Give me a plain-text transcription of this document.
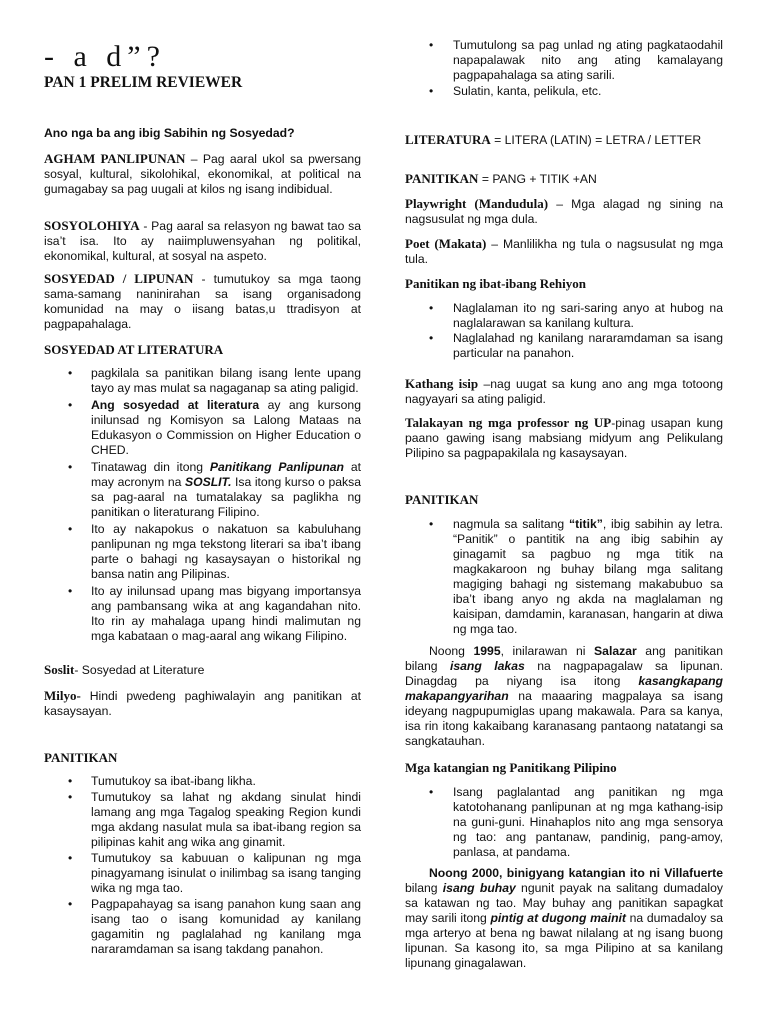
- a d”?
PAN 1 PRELIM REVIEWER
Ano nga ba ang ibig Sabihin ng Sosyedad?
AGHAM PANLIPUNAN – Pag aaral ukol sa pwersang sosyal, kultural, sikolohikal, ekonomikal, at political na gumagabay sa pag uugali at kilos ng isang indibidual.
SOSYOLOHIYA - Pag aaral sa relasyon ng bawat tao sa isa’t isa. Ito ay naiimpluwensyahan ng politikal, ekonomikal, kultural, at sosyal na aspeto.
SOSYEDAD / LIPUNAN - tumutukoy sa mga taong sama-samang naninirahan sa isang organisadong komunidad na may o iisang batas,u ttradisyon at pagpapahalaga.
SOSYEDAD AT LITERATURA
• pagkilala sa panitikan bilang isang lente upang tayo ay mas mulat sa nagaganap sa ating paligid.
• Ang sosyedad at literatura ay ang kursong inilunsad ng Komisyon sa Lalong Mataas na Edukasyon o Commission on Higher Education o CHED.
• Tinatawag din itong Panitikang Panlipunan at may acronym na SOSLIT. Isa itong kurso o paksa sa pag-aaral na tumatalakay sa paglikha ng panitikan o literaturang Filipino.
• Ito ay nakapokus o nakatuon sa kabuluhang panlipunan ng mga tekstong literari sa iba’t ibang parte o bahagi ng kasaysayan o historikal ng bansa natin ang Pilipinas.
• Ito ay inilunsad upang mas bigyang importansya ang pambansang wika at ang kagandahan nito. Ito rin ay mahalaga upang hindi malimutan ng mga kabataan o mag-aaral ang wikang Filipino.
Soslit- Sosyedad at Literature
Milyo- Hindi pwedeng paghiwalayin ang panitikan at kasaysayan.
PANITIKAN
• Tumutukoy sa ibat-ibang likha.
• Tumutukoy sa lahat ng akdang sinulat hindi lamang ang mga Tagalog speaking Region kundi mga akdang nasulat mula sa ibat-ibang region sa pilipinas kahit ang wika ang ginamit.
• Tumutukoy sa kabuuan o kalipunan ng mga pinagyamang isinulat o inilimbag sa isang tanging wika ng mga tao.
• Pagpapahayag sa isang panahon kung saan ang isang tao o isang komunidad ay kanilang gagamitin ng paglalahad ng kanilang mga nararamdaman sa isang takdang panahon.
• Tumutulong sa pag unlad ng ating pagkataodahil napapalawak nito ang ating kamalayang pagpapahalaga sa ating sarili.
• Sulatin, kanta, pelikula, etc.
LITERATURA = LITERA (LATIN) = LETRA / LETTER
PANITIKAN = PANG + TITIK +AN
Playwright (Mandudula) – Mga alagad ng sining na nagsusulat ng mga dula.
Poet (Makata) – Manlilikha ng tula o nagsusulat ng mga tula.
Panitikan ng ibat-ibang Rehiyon
• Naglalaman ito ng sari-saring anyo at hubog na naglalarawan sa kanilang kultura.
• Naglalahad ng kanilang nararamdaman sa isang particular na panahon.
Kathang isip –nag uugat sa kung ano ang mga totoong nagyayari sa ating paligid.
Talakayan ng mga professor ng UP-pinag usapan kung paano gawing isang mabsiang midyum ang Pelikulang Pilipino sa pagpapakilala ng kasaysayan.
PANITIKAN
• nagmula sa salitang “titik”, ibig sabihin ay letra. “Panitik” o pantitik na ang ibig sabihin ay ginagamit sa pagbuo ng mga titik na magkakaroon ng buhay bilang mga salitang magiging bahagi ng sistemang makabubuo sa iba’t ibang anyo ng akda na maglalaman ng kaisipan, damdamin, karanasan, hangarin at diwa ng mga tao.
Noong 1995, inilarawan ni Salazar ang panitikan bilang isang lakas na nagpapagalaw sa lipunan. Dinagdag pa niyang isa itong kasangkapang makapangyarihan na maaaring magpalaya sa isang ideyang nagpupumiglas upang makawala. Para sa kanya, isa rin itong kakaibang karanasang pantaong natatangi sa sangkatauhan.
Mga katangian ng Panitikang Pilipino
• Isang paglalantad ang panitikan ng mga katotohanang panlipunan at ng mga kathang-isip na guni-guni. Hinahaplos nito ang mga sensorya ng tao: ang pantanaw, pandinig, pang-amoy, panlasa, at pandama.
Noong 2000, binigyang katangian ito ni Villafuerte bilang isang buhay ngunit payak na salitang dumadaloy sa katawan ng tao. May buhay ang panitikan sapagkat may sarili itong pintig at dugong mainit na dumadaloy sa mga arteryo at bena ng bawat nilalang at ng isang buong lipunan. Sa kasong ito, sa mga Pilipino at sa kanilang lipunang ginagalawan.
